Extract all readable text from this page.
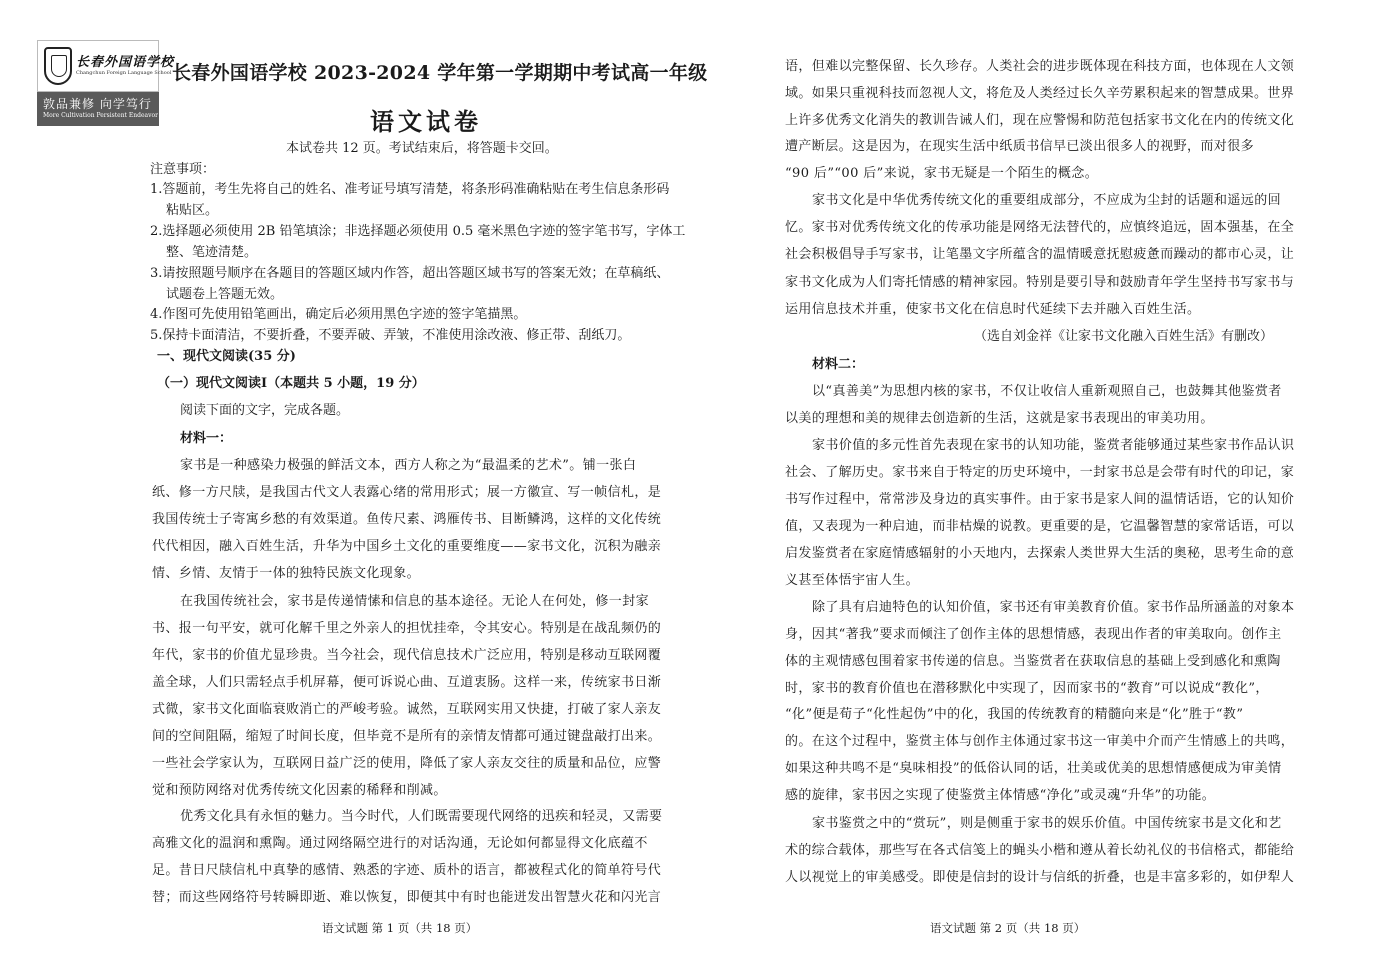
长春外国语学校
Changchun Foreign Language School
敦品兼修 向学笃行
More Cultivation Persistent Endeavor
长春外国语学校 2023-2024 学年第一学期期中考试高一年级
语文试卷
本试卷共 12 页。考试结束后，将答题卡交回。
注意事项：
1.答题前，考生先将自己的姓名、准考证号填写清楚，将条形码准确粘贴在考生信息条形码
粘贴区。
2.选择题必须使用 2B 铅笔填涂；非选择题必须使用 0.5 毫米黑色字迹的签字笔书写，字体工
整、笔迹清楚。
3.请按照题号顺序在各题目的答题区域内作答，超出答题区域书写的答案无效；在草稿纸、
试题卷上答题无效。
4.作图可先使用铅笔画出，确定后必须用黑色字迹的签字笔描黑。
5.保持卡面清洁，不要折叠，不要弄破、弄皱，不准使用涂改液、修正带、刮纸刀。
一、现代文阅读(35 分)
（一）现代文阅读Ⅰ（本题共 5 小题，19 分）
阅读下面的文字，完成各题。
材料一：
家书是一种感染力极强的鲜活文本，西方人称之为“最温柔的艺术”。铺一张白
纸、修一方尺牍，是我国古代文人表露心绪的常用形式；展一方徽宣、写一帧信札，是
我国传统士子寄寓乡愁的有效渠道。鱼传尺素、鸿雁传书、目断鳞鸿，这样的文化传统
代代相因，融入百姓生活，升华为中国乡土文化的重要维度——家书文化，沉积为融亲
情、乡情、友情于一体的独特民族文化现象。
在我国传统社会，家书是传递情愫和信息的基本途径。无论人在何处，修一封家
书、报一句平安，就可化解千里之外亲人的担忧挂牵，令其安心。特别是在战乱频仍的
年代，家书的价值尤显珍贵。当今社会，现代信息技术广泛应用，特别是移动互联网覆
盖全球，人们只需轻点手机屏幕，便可诉说心曲、互道衷肠。这样一来，传统家书日渐
式微，家书文化面临衰败消亡的严峻考验。诚然，互联网实用又快捷，打破了家人亲友
间的空间阻隔，缩短了时间长度，但毕竟不是所有的亲情友情都可通过键盘敲打出来。
一些社会学家认为，互联网日益广泛的使用，降低了家人亲友交往的质量和品位，应警
觉和预防网络对优秀传统文化因素的稀释和削减。
优秀文化具有永恒的魅力。当今时代，人们既需要现代网络的迅疾和轻灵，又需要
高雅文化的温润和熏陶。通过网络隔空进行的对话沟通，无论如何都显得文化底蕴不
足。昔日尺牍信札中真挚的感情、熟悉的字迹、质朴的语言，都被程式化的简单符号代
替；而这些网络符号转瞬即逝、难以恢复，即便其中有时也能迸发出智慧火花和闪光言
语文试题 第 1 页（共 18 页）
语，但难以完整保留、长久珍存。人类社会的进步既体现在科技方面，也体现在人文领
域。如果只重视科技而忽视人文，将危及人类经过长久辛劳累积起来的智慧成果。世界
上许多优秀文化消失的教训告诫人们，现在应警惕和防范包括家书文化在内的传统文化
遭产断层。这是因为，在现实生活中纸质书信早已淡出很多人的视野，而对很多
“90 后”“00 后”来说，家书无疑是一个陌生的概念。
家书文化是中华优秀传统文化的重要组成部分，不应成为尘封的话题和遥远的回
忆。家书对优秀传统文化的传承功能是网络无法替代的，应慎终追远，固本强基，在全
社会积极倡导手写家书，让笔墨文字所蕴含的温情暖意抚慰疲惫而躁动的都市心灵，让
家书文化成为人们寄托情感的精神家园。特别是要引导和鼓励青年学生坚持书写家书与
运用信息技术并重，使家书文化在信息时代延续下去并融入百姓生活。
（选自刘金祥《让家书文化融入百姓生活》有删改）
材料二：
以“真善美”为思想内核的家书，不仅让收信人重新观照自己，也鼓舞其他鉴赏者
以美的理想和美的规律去创造新的生活，这就是家书表现出的审美功用。
家书价值的多元性首先表现在家书的认知功能，鉴赏者能够通过某些家书作品认识
社会、了解历史。家书来自于特定的历史环境中，一封家书总是会带有时代的印记，家
书写作过程中，常常涉及身边的真实事件。由于家书是家人间的温情话语，它的认知价
值，又表现为一种启迪，而非枯燥的说教。更重要的是，它温馨智慧的家常话语，可以
启发鉴赏者在家庭情感辐射的小天地内，去探索人类世界大生活的奥秘，思考生命的意
义甚至体悟宇宙人生。
除了具有启迪特色的认知价值，家书还有审美教育价值。家书作品所涵盖的对象本
身，因其“著我”要求而倾注了创作主体的思想情感，表现出作者的审美取向。创作主
体的主观情感包围着家书传递的信息。当鉴赏者在获取信息的基础上受到感化和熏陶
时，家书的教育价值也在潜移默化中实现了，因而家书的“教育”可以说成“教化”，
“化”便是荀子“化性起伪”中的化，我国的传统教育的精髓向来是“化”胜于“教”
的。在这个过程中，鉴赏主体与创作主体通过家书这一审美中介而产生情感上的共鸣，
如果这种共鸣不是“臭味相投”的低俗认同的话，壮美或优美的思想情感便成为审美情
感的旋律，家书因之实现了使鉴赏主体情感“净化”或灵魂“升华”的功能。
家书鉴赏之中的“赏玩”，则是侧重于家书的娱乐价值。中国传统家书是文化和艺
术的综合载体，那些写在各式信笺上的蝇头小楷和遵从着长幼礼仪的书信格式，都能给
人以视觉上的审美感受。即使是信封的设计与信纸的折叠，也是丰富多彩的，如伊犁人
语文试题 第 2 页（共 18 页）
